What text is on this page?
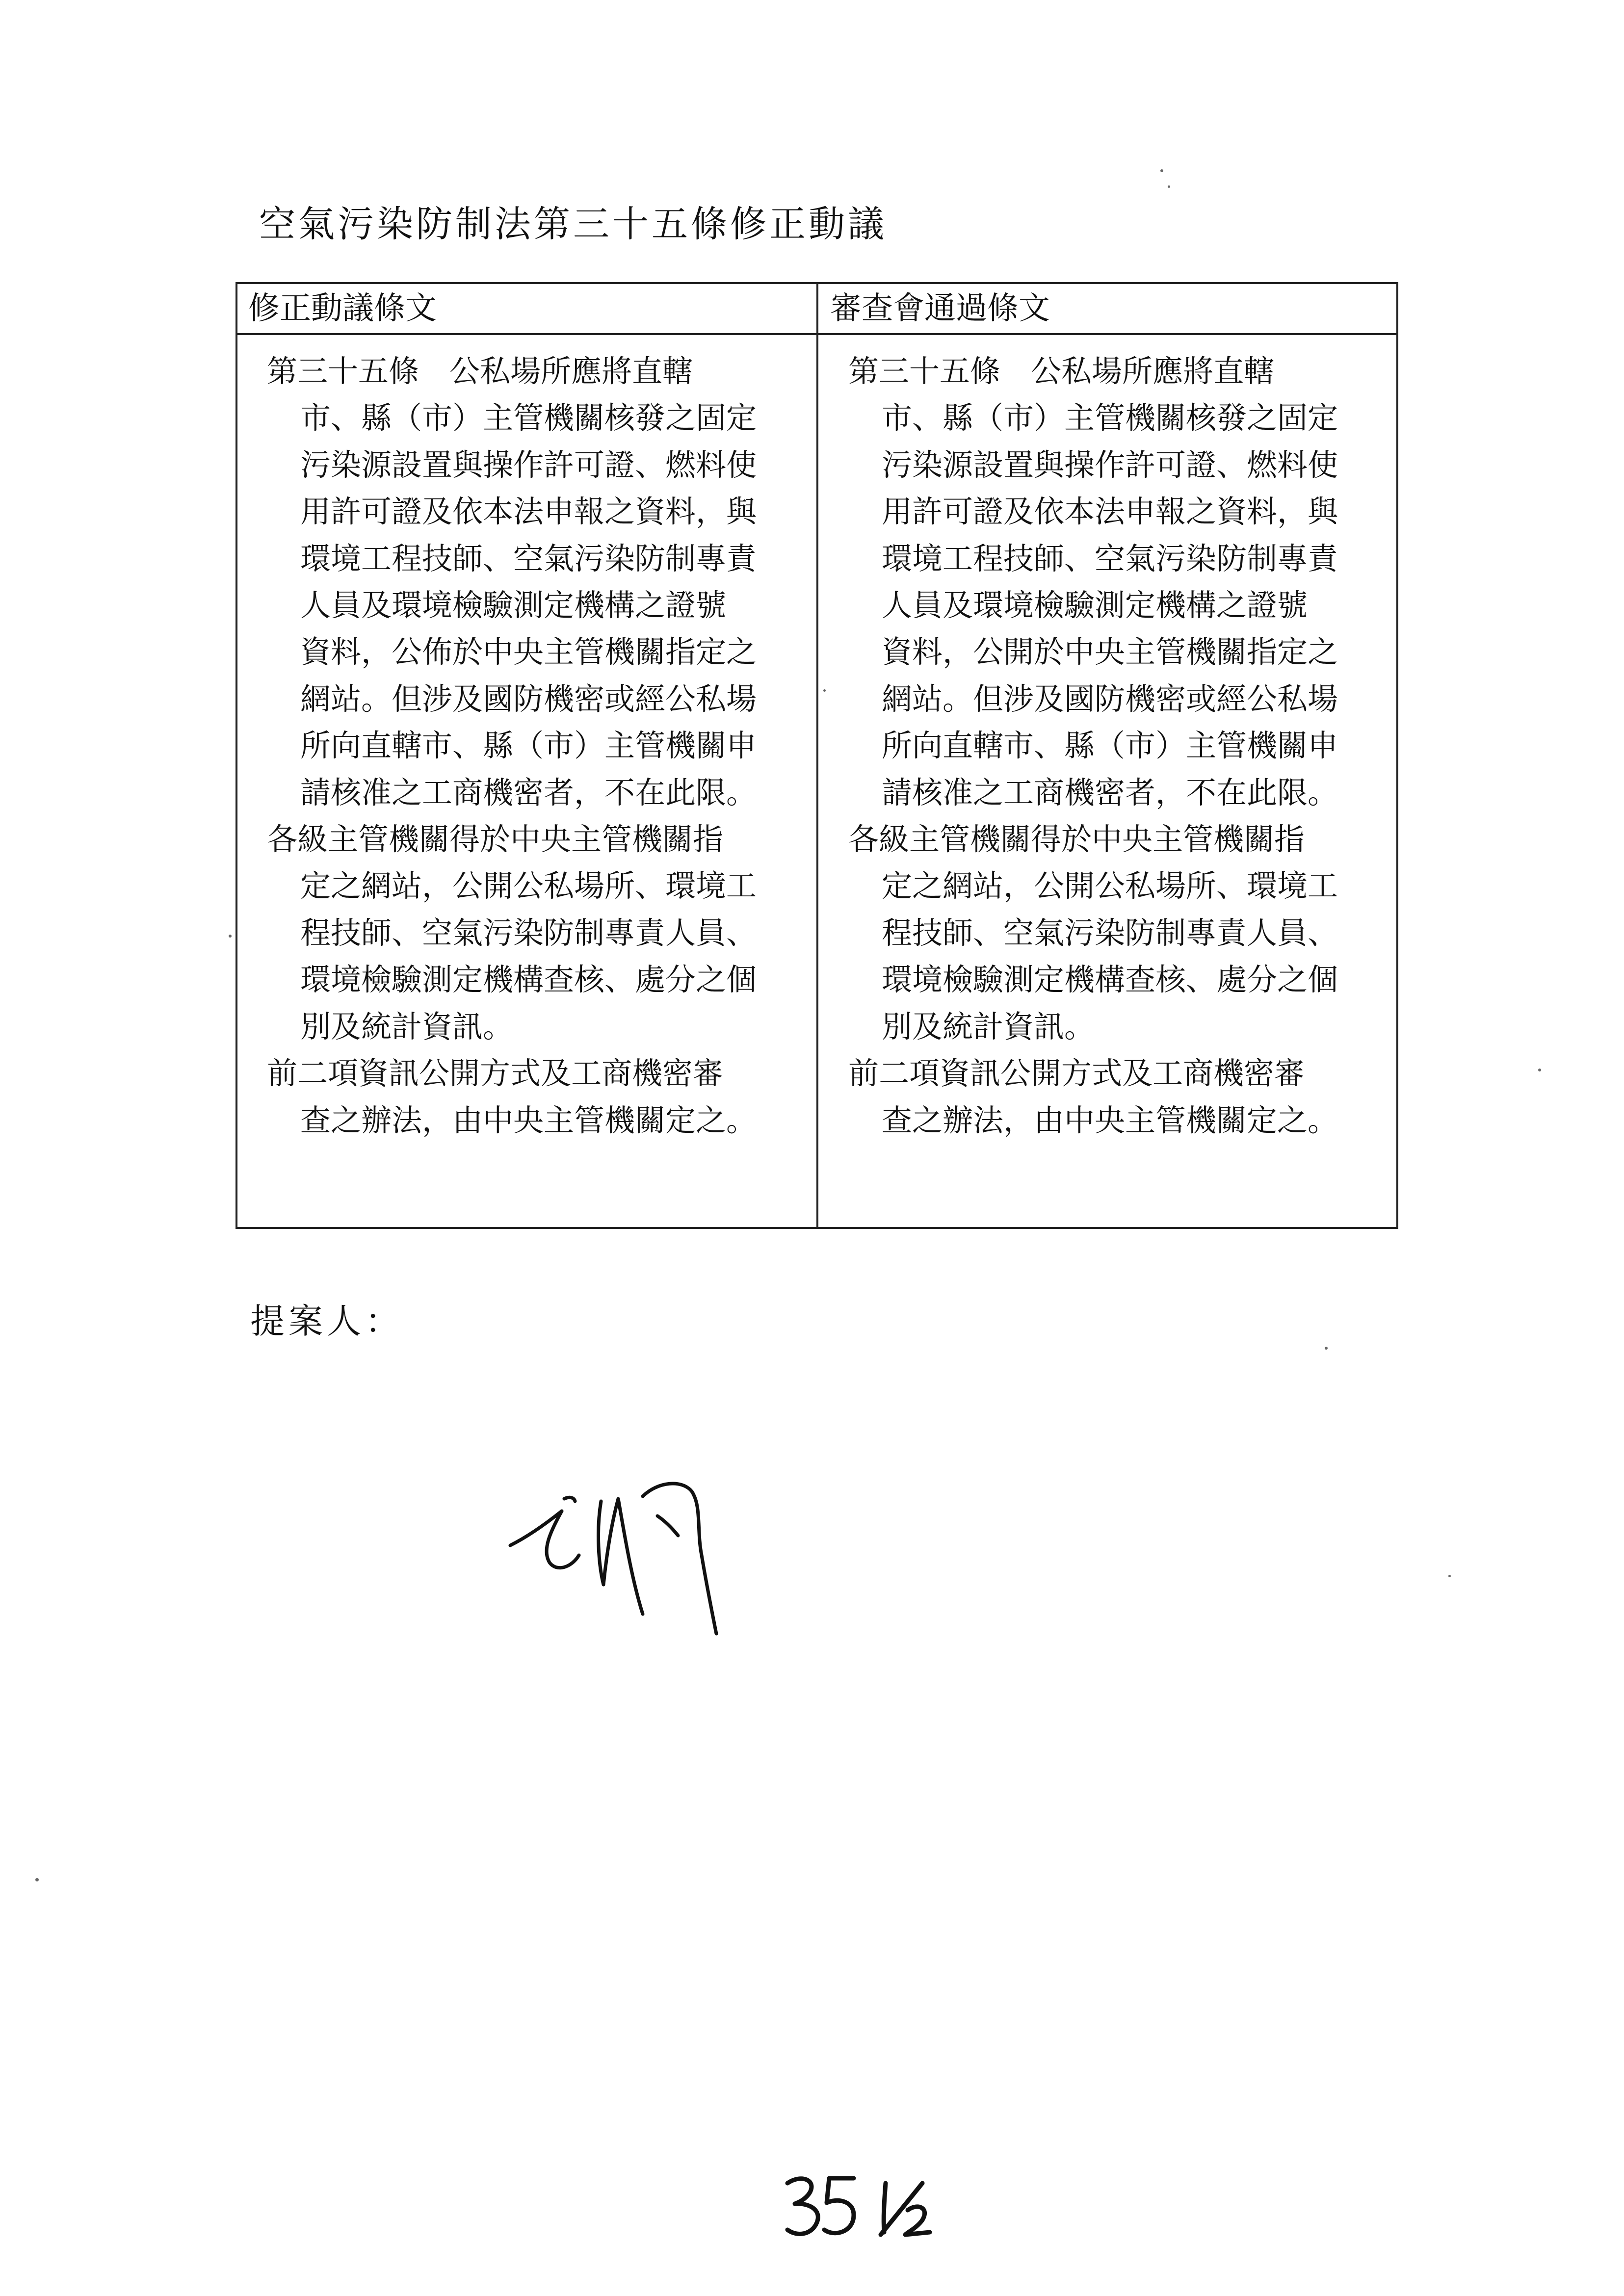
空氣污染防制法第三十五條修正動議
修正動議條文	審查會通過條文

第三十五條　公私場所應將直轄
市、縣（市）主管機關核發之固定
污染源設置與操作許可證、燃料使
用許可證及依本法申報之資料，與
環境工程技師、空氣污染防制專責
人員及環境檢驗測定機構之證號
資料，公佈於中央主管機關指定之
網站。但涉及國防機密或經公私場
所向直轄市、縣（市）主管機關申
請核准之工商機密者，不在此限。

各級主管機關得於中央主管機關指
定之網站，公開公私場所、環境工
程技師、空氣污染防制專責人員、
環境檢驗測定機構查核、處分之個
別及統計資訊。

前二項資訊公開方式及工商機密審
查之辦法，由中央主管機關定之。

第三十五條　公私場所應將直轄
市、縣（市）主管機關核發之固定
污染源設置與操作許可證、燃料使
用許可證及依本法申報之資料，與
環境工程技師、空氣污染防制專責
人員及環境檢驗測定機構之證號
資料，公開於中央主管機關指定之
網站。但涉及國防機密或經公私場
所向直轄市、縣（市）主管機關申
請核准之工商機密者，不在此限。

各級主管機關得於中央主管機關指
定之網站，公開公私場所、環境工
程技師、空氣污染防制專責人員、
環境檢驗測定機構查核、處分之個
別及統計資訊。

前二項資訊公開方式及工商機密審
查之辦法，由中央主管機關定之。

提案人：
